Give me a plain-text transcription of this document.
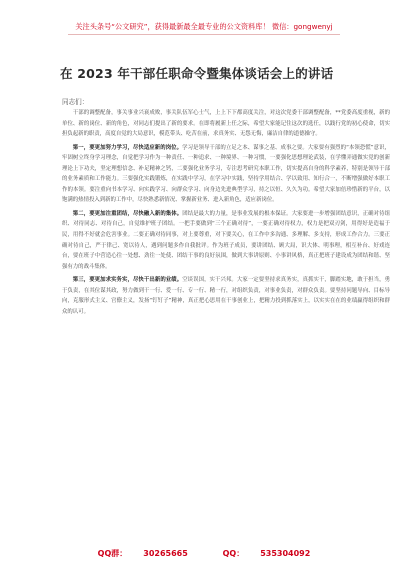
关注头条号“公文研究”，获得最新最全最专业的公文资料库！ 微信：gongwenyj
在 2023 年干部任职命令暨集体谈话会上的讲话
同志们：

干部的调整配备，事关事业兴衰成败，事关队伍军心士气，上上下下都高度关注，对这次党委干部调整配备，**党委高度重视，新的单位、新的岗位、新的角色，对同志们提出了新的要求。在即将履新上任之际，希望大家能记住这次的选任，以践行党的初心使命，切实担负起新的职责，高度自觉的大局意识，模范带头、吃苦在前，求真务实、无怨无悔，廉洁自律的道德操守。

第一，要更加努力学习，尽快适应新的岗位。学习是领导干部的立足之本、谋事之基、成事之要。大家要有强烈的“本领恐慌”意识，牢固树立终身学习理念，自觉把学习作为一种责任、一种追求、一种境界、一种习惯，一要强化思想理论武装，在学懂弄通做实党的创新理论上下功夫，坚定理想信念、补足精神之钙，二要强化业务学习，专注思考研究本职工作，切实提高自身的科学素养，特别是领导干部的业务素质和工作能力。三要强化实践锻炼，在实践中学习，在学习中实践，坚持学用结合、学以致用、知行合一，不断增强做好本职工作的本领。要注重向书本学习、向实践学习、向群众学习、向身边先进典型学习，持之以恒、久久为功。希望大家加倍珍惜新的平台，以饱满的热情投入到新的工作中，尽快熟悉新情况、掌握新业务、进入新角色，适应新岗位。

第二，要更加注重团结，尽快融入新的集体。团结是最大的力量，是事业发展的根本保证。大家要进一步增强团结意识，正确对待组织、对待同志、对待自己，自觉维护班子团结。一把手要做到“三个正确对待”，一要正确对待权力，权力是把双刃剑，用得好是造福于民，用得不好就会危害事业。二要正确对待同事，对上要尊重，对下要关心，在工作中多沟通、多理解、多支持，形成工作合力。三要正确对待自己，严于律己、宽以待人，遇到问题多作自我批评。作为班子成员，要讲团结、顾大局，识大体、明事理，相互补台、好戏连台，要在班子中营造心往一处想、劲往一处使、团结干事的良好氛围，做到大事讲原则、小事讲风格，真正把班子建设成为团结和谐、坚强有力的战斗集体。

第三，要更加求实务实，尽快干出新的业绩。空谈误国，实干兴邦。大家一定要坚持求真务实，真抓实干，脚踏实地，敢于担当，勇于负责，在其位谋其政，努力做到干一行、爱一行、专一行、精一行，对组织负责，对事业负责，对群众负责。要坚持问题导向、目标导向，克服形式主义、官僚主义，发扬“钉钉子”精神，真正把心思用在干事创业上，把精力投到抓落实上，以实实在在的业绩赢得组织和群众的认可。

QQ群： 30265665	QQ： 535304092
